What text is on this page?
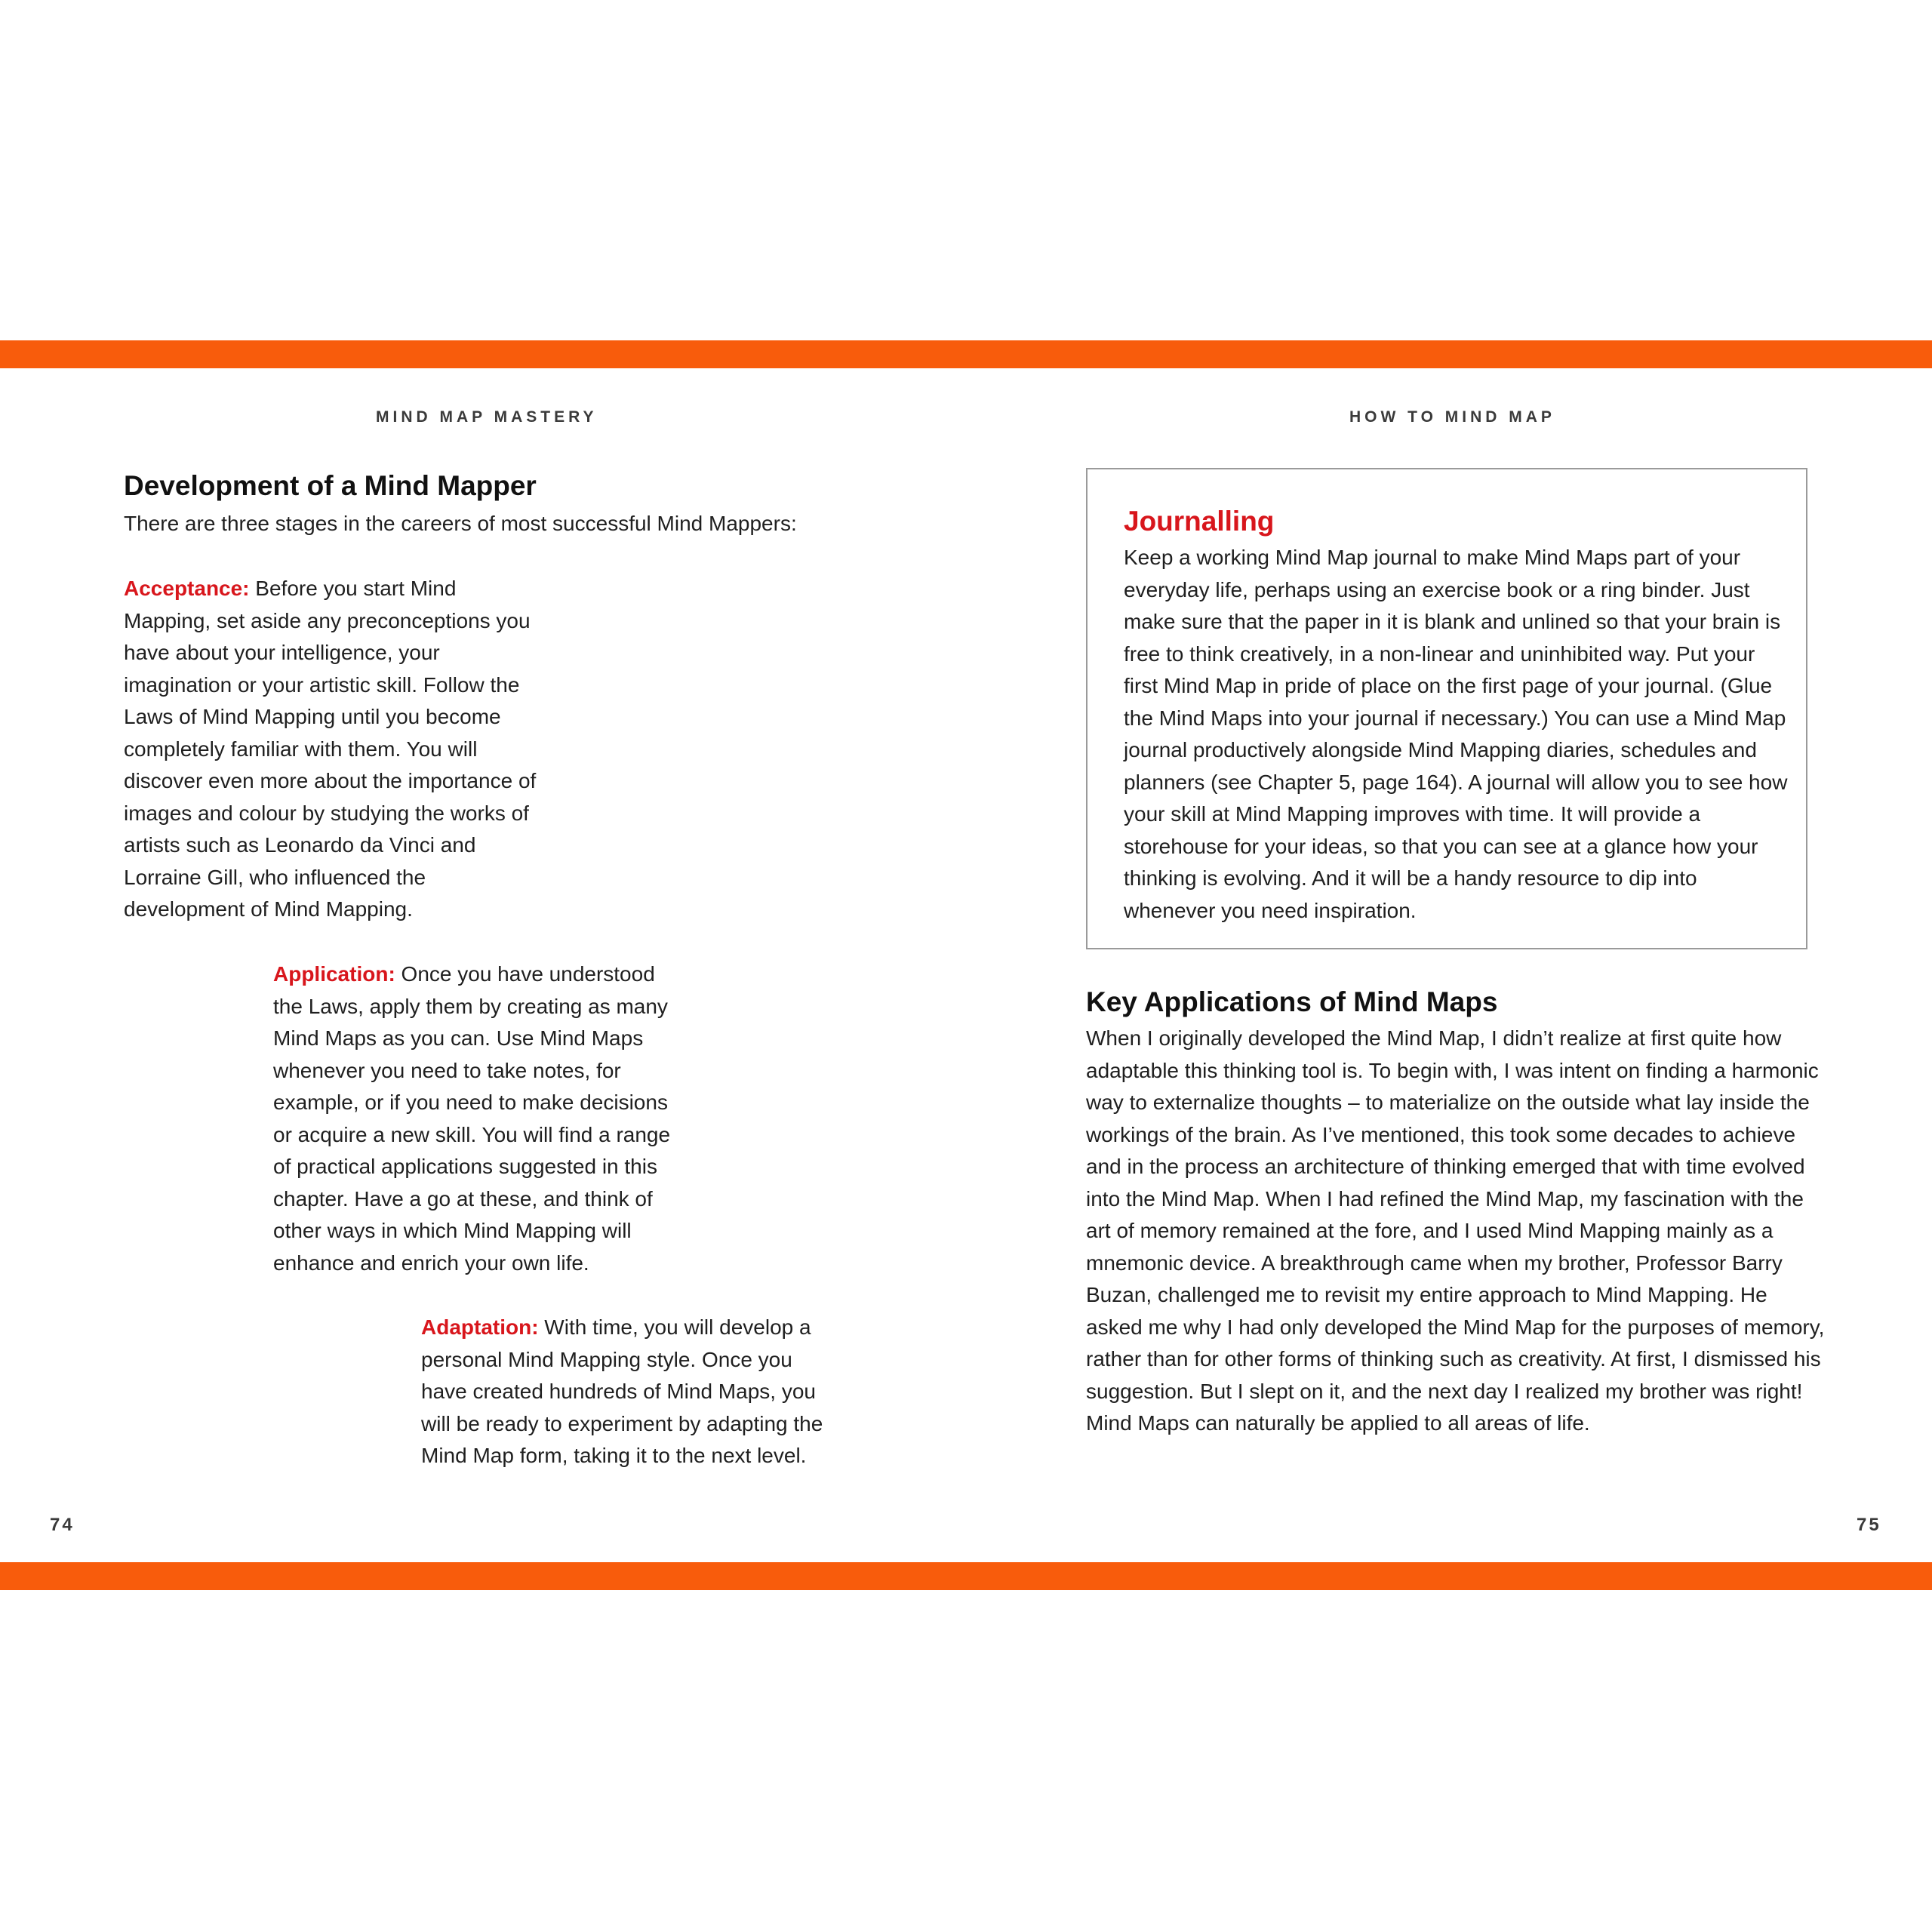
MIND MAP MASTERY	HOW TO MIND MAP
Development of a Mind Mapper

There are three stages in the careers of most successful Mind Mappers:

Acceptance: Before you start Mind Mapping, set aside any preconceptions you have about your intelligence, your imagination or your artistic skill. Follow the Laws of Mind Mapping until you become completely familiar with them. You will discover even more about the importance of images and colour by studying the works of artists such as Leonardo da Vinci and Lorraine Gill, who influenced the development of Mind Mapping.

Application: Once you have understood the Laws, apply them by creating as many Mind Maps as you can. Use Mind Maps whenever you need to take notes, for example, or if you need to make decisions or acquire a new skill. You will find a range of practical applications suggested in this chapter. Have a go at these, and think of other ways in which Mind Mapping will enhance and enrich your own life.

Adaptation: With time, you will develop a personal Mind Mapping style. Once you have created hundreds of Mind Maps, you will be ready to experiment by adapting the Mind Map form, taking it to the next level.

Journalling

Keep a working Mind Map journal to make Mind Maps part of your everyday life, perhaps using an exercise book or a ring binder. Just make sure that the paper in it is blank and unlined so that your brain is free to think creatively, in a non-linear and uninhibited way. Put your first Mind Map in pride of place on the first page of your journal. (Glue the Mind Maps into your journal if necessary.) You can use a Mind Map journal productively alongside Mind Mapping diaries, schedules and planners (see Chapter 5, page 164). A journal will allow you to see how your skill at Mind Mapping improves with time. It will provide a storehouse for your ideas, so that you can see at a glance how your thinking is evolving. And it will be a handy resource to dip into whenever you need inspiration.

Key Applications of Mind Maps

When I originally developed the Mind Map, I didn’t realize at first quite how adaptable this thinking tool is. To begin with, I was intent on finding a harmonic way to externalize thoughts – to materialize on the outside what lay inside the workings of the brain. As I’ve mentioned, this took some decades to achieve and in the process an architecture of thinking emerged that with time evolved into the Mind Map. When I had refined the Mind Map, my fascination with the art of memory remained at the fore, and I used Mind Mapping mainly as a mnemonic device. A breakthrough came when my brother, Professor Barry Buzan, challenged me to revisit my entire approach to Mind Mapping. He asked me why I had only developed the Mind Map for the purposes of memory, rather than for other forms of thinking such as creativity. At first, I dismissed his suggestion. But I slept on it, and the next day I realized my brother was right! Mind Maps can naturally be applied to all areas of life.

74	75
